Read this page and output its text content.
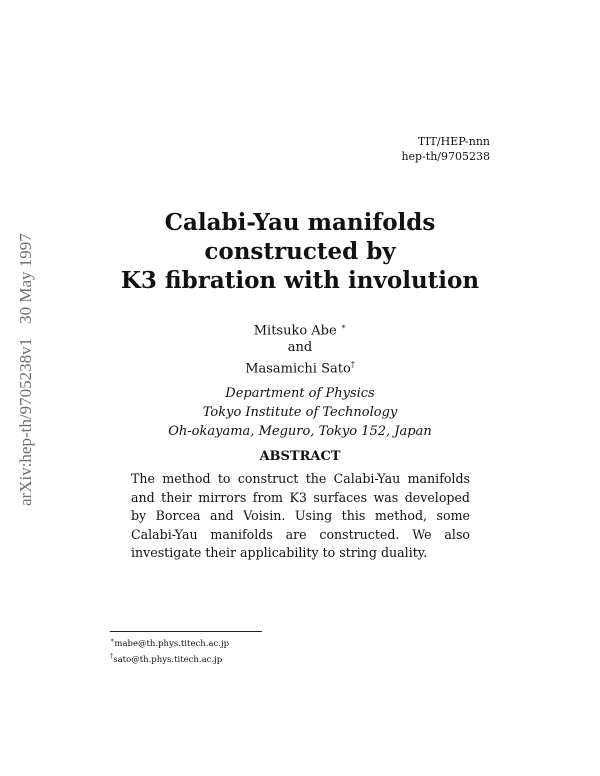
TIT/HEP-nnn
hep-th/9705238
arXiv:hep-th/9705238v130 May 1997
Calabi-Yau manifolds
constructed by
K3 fibration with involution
Mitsuko Abe ∗
and
Masamichi Sato†
Department of Physics
Tokyo Institute of Technology
Oh-okayama, Meguro, Tokyo 152, Japan
ABSTRACT
The method to construct the Calabi-Yau manifolds and their mirrors from K3 surfaces was developed by Borcea and Voisin. Using this method, some Calabi-Yau manifolds are constructed. We also investigate their applicability to string duality.
∗mabe@th.phys.titech.ac.jp
†sato@th.phys.titech.ac.jp
